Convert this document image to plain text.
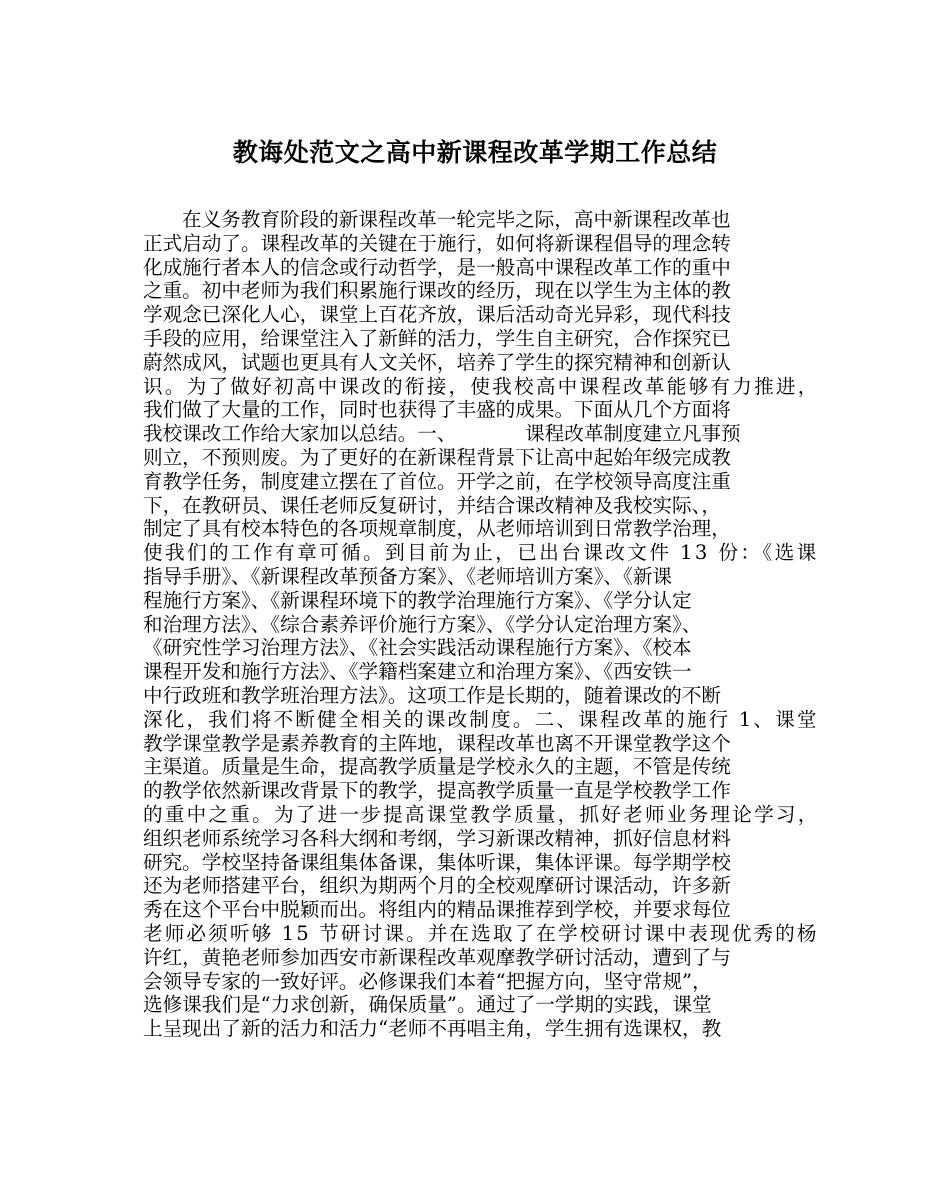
教诲处范文之高中新课程改革学期工作总结
在义务教育阶段的新课程改革一轮完毕之际，高中新课程改革也
正式启动了。课程改革的关键在于施行，如何将新课程倡导的理念转
化成施行者本人的信念或行动哲学，是一般高中课程改革工作的重中
之重。初中老师为我们积累施行课改的经历，现在以学生为主体的教
学观念已深化人心，课堂上百花齐放，课后活动奇光异彩，现代科技
手段的应用，给课堂注入了新鲜的活力，学生自主研究，合作探究已
蔚然成风，试题也更具有人文关怀，培养了学生的探究精神和创新认
识。为了做好初高中课改的衔接，使我校高中课程改革能够有力推进，
我们做了大量的工作，同时也获得了丰盛的成果。下面从几个方面将
我校课改工作给大家加以总结。一、　　　　课程改革制度建立凡事预
则立，不预则废。为了更好的在新课程背景下让高中起始年级完成教
育教学任务，制度建立摆在了首位。开学之前，在学校领导高度注重
下，在教研员、课任老师反复研讨，并结合课改精神及我校实际、，
制定了具有校本特色的各项规章制度，从老师培训到日常教学治理，
使我们的工作有章可循。到目前为止，已出台课改文件 13 份：《选课
指导手册》、《新课程改革预备方案》、《老师培训方案》、《新课
程施行方案》、《新课程环境下的教学治理施行方案》、《学分认定
和治理方法》、《综合素养评价施行方案》、《学分认定治理方案》、
《研究性学习治理方法》、《社会实践活动课程施行方案》、《校本
课程开发和施行方法》、《学籍档案建立和治理方案》、《西安铁一
中行政班和教学班治理方法》。这项工作是长期的，随着课改的不断
深化，我们将不断健全相关的课改制度。二、课程改革的施行 1、课堂
教学课堂教学是素养教育的主阵地，课程改革也离不开课堂教学这个
主渠道。质量是生命，提高教学质量是学校永久的主题，不管是传统
的教学依然新课改背景下的教学，提高教学质量一直是学校教学工作
的重中之重。为了进一步提高课堂教学质量，抓好老师业务理论学习，
组织老师系统学习各科大纲和考纲，学习新课改精神，抓好信息材料
研究。学校坚持备课组集体备课，集体听课，集体评课。每学期学校
还为老师搭建平台，组织为期两个月的全校观摩研讨课活动，许多新
秀在这个平台中脱颖而出。将组内的精品课推荐到学校，并要求每位
老师必须听够 15 节研讨课。并在选取了在学校研讨课中表现优秀的杨
许红，黄艳老师参加西安市新课程改革观摩教学研讨活动，遭到了与
会领导专家的一致好评。必修课我们本着“把握方向，坚守常规”，
选修课我们是“力求创新，确保质量”。通过了一学期的实践，课堂
上呈现出了新的活力和活力“老师不再唱主角，学生拥有选课权，教
